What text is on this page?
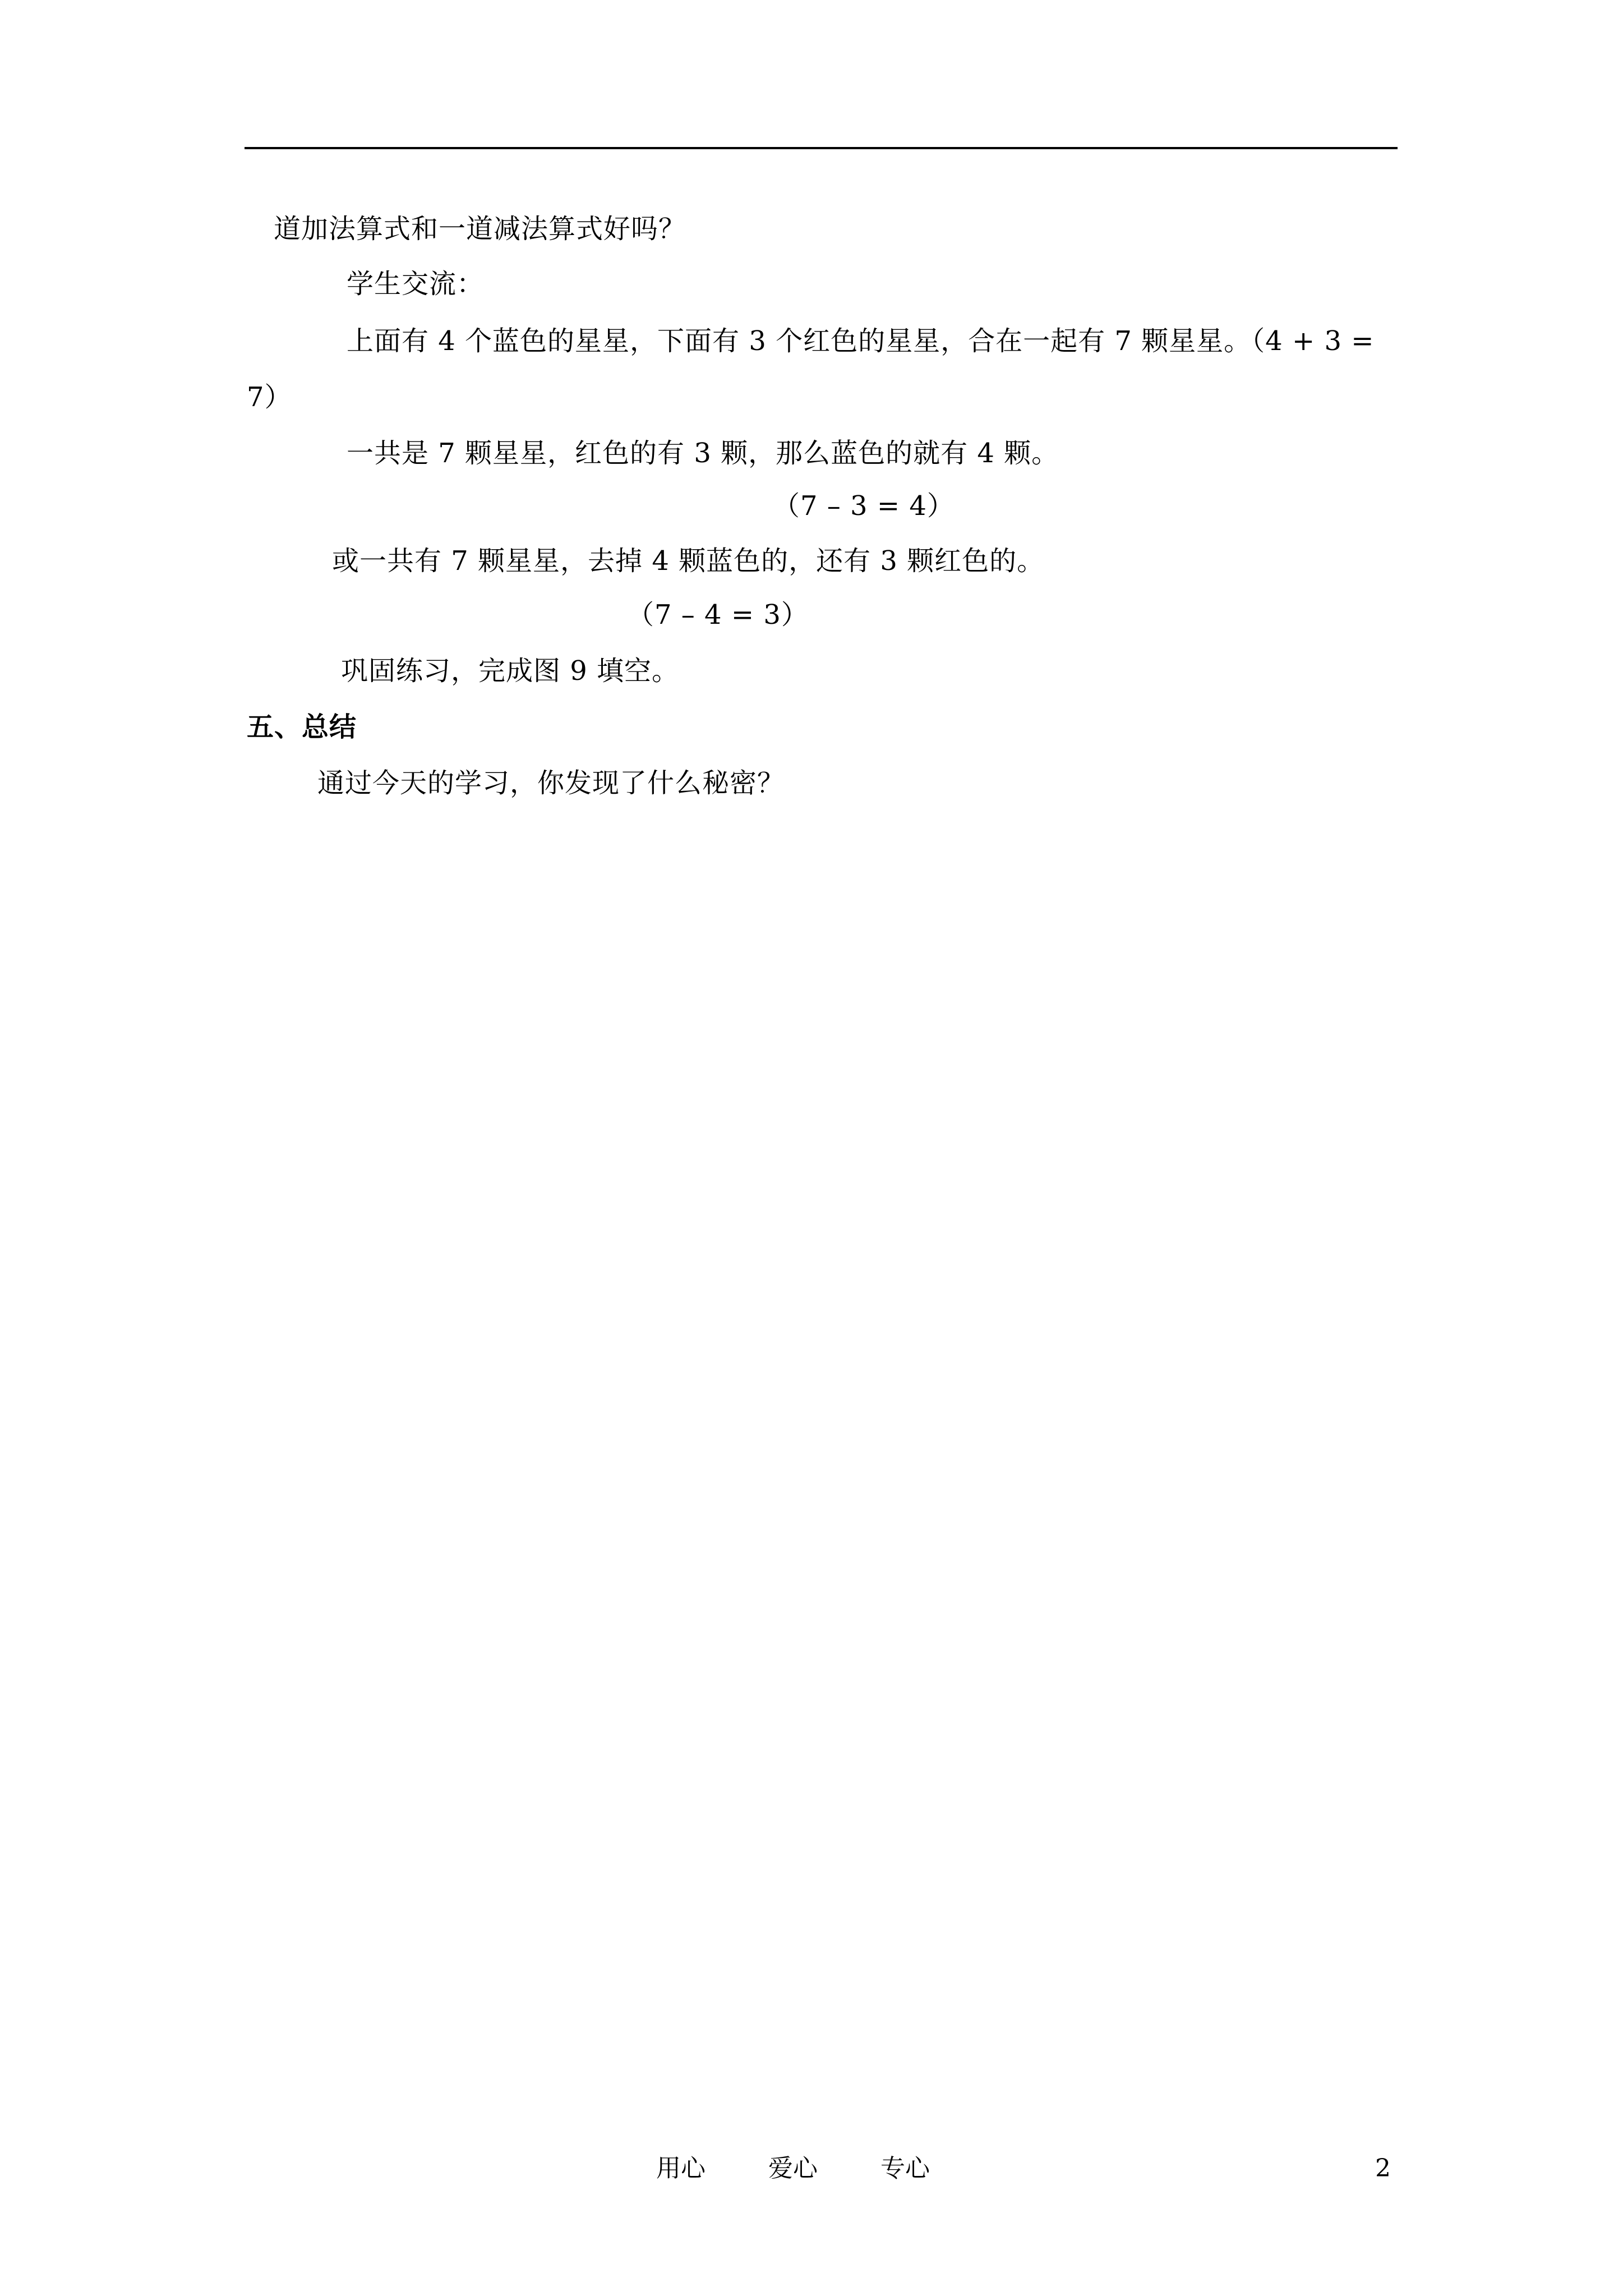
道加法算式和一道减法算式好吗？
学生交流：
上面有 4 个蓝色的星星，下面有 3 个红色的星星，合在一起有 7 颗星星。（4 + 3 =
7）
一共是 7 颗星星，红色的有 3 颗，那么蓝色的就有 4 颗。
（7 – 3 = 4）
或一共有 7 颗星星，去掉 4 颗蓝色的，还有 3 颗红色的。
（7 – 4 = 3）
巩固练习，完成图 9 填空。
五、总结
通过今天的学习，你发现了什么秘密？
用心	爱心	专心	2
